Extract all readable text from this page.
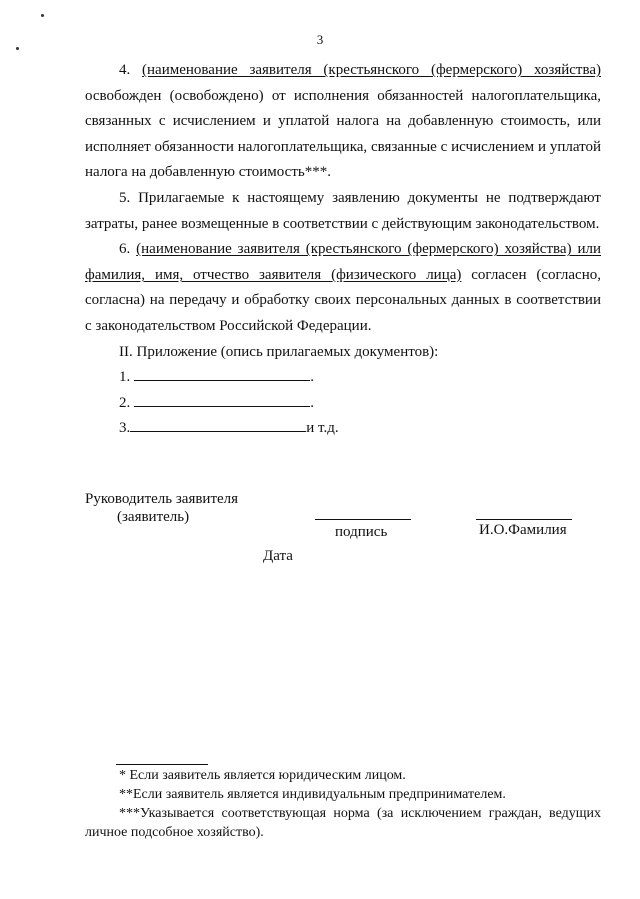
3

4. (наименование заявителя (крестьянского (фермерского) хозяйства) освобожден (освобождено) от исполнения обязанностей налогоплательщика, связанных с исчислением и уплатой налога на добавленную стоимость, или исполняет обязанности налогоплательщика, связанные с исчислением и уплатой налога на добавленную стоимость***.

5. Прилагаемые к настоящему заявлению документы не подтверждают затраты, ранее возмещенные в соответствии с действующим законодательством.

6. (наименование заявителя (крестьянского (фермерского) хозяйства) или фамилия, имя, отчество заявителя (физического лица) согласен (согласно, согласна) на передачу и обработку своих персональных данных в соответствии с законодательством Российской Федерации.

II. Приложение (опись прилагаемых документов):

1.	.
2.	.
3.	и т.д.
Руководитель заявителя
(заявитель)
подпись	И.О.Фамилия
Дата

* Если заявитель является юридическим лицом.

**Если заявитель является индивидуальным предпринимателем.

***Указывается соответствующая норма (за исключением граждан, ведущих личное подсобное хозяйство).
